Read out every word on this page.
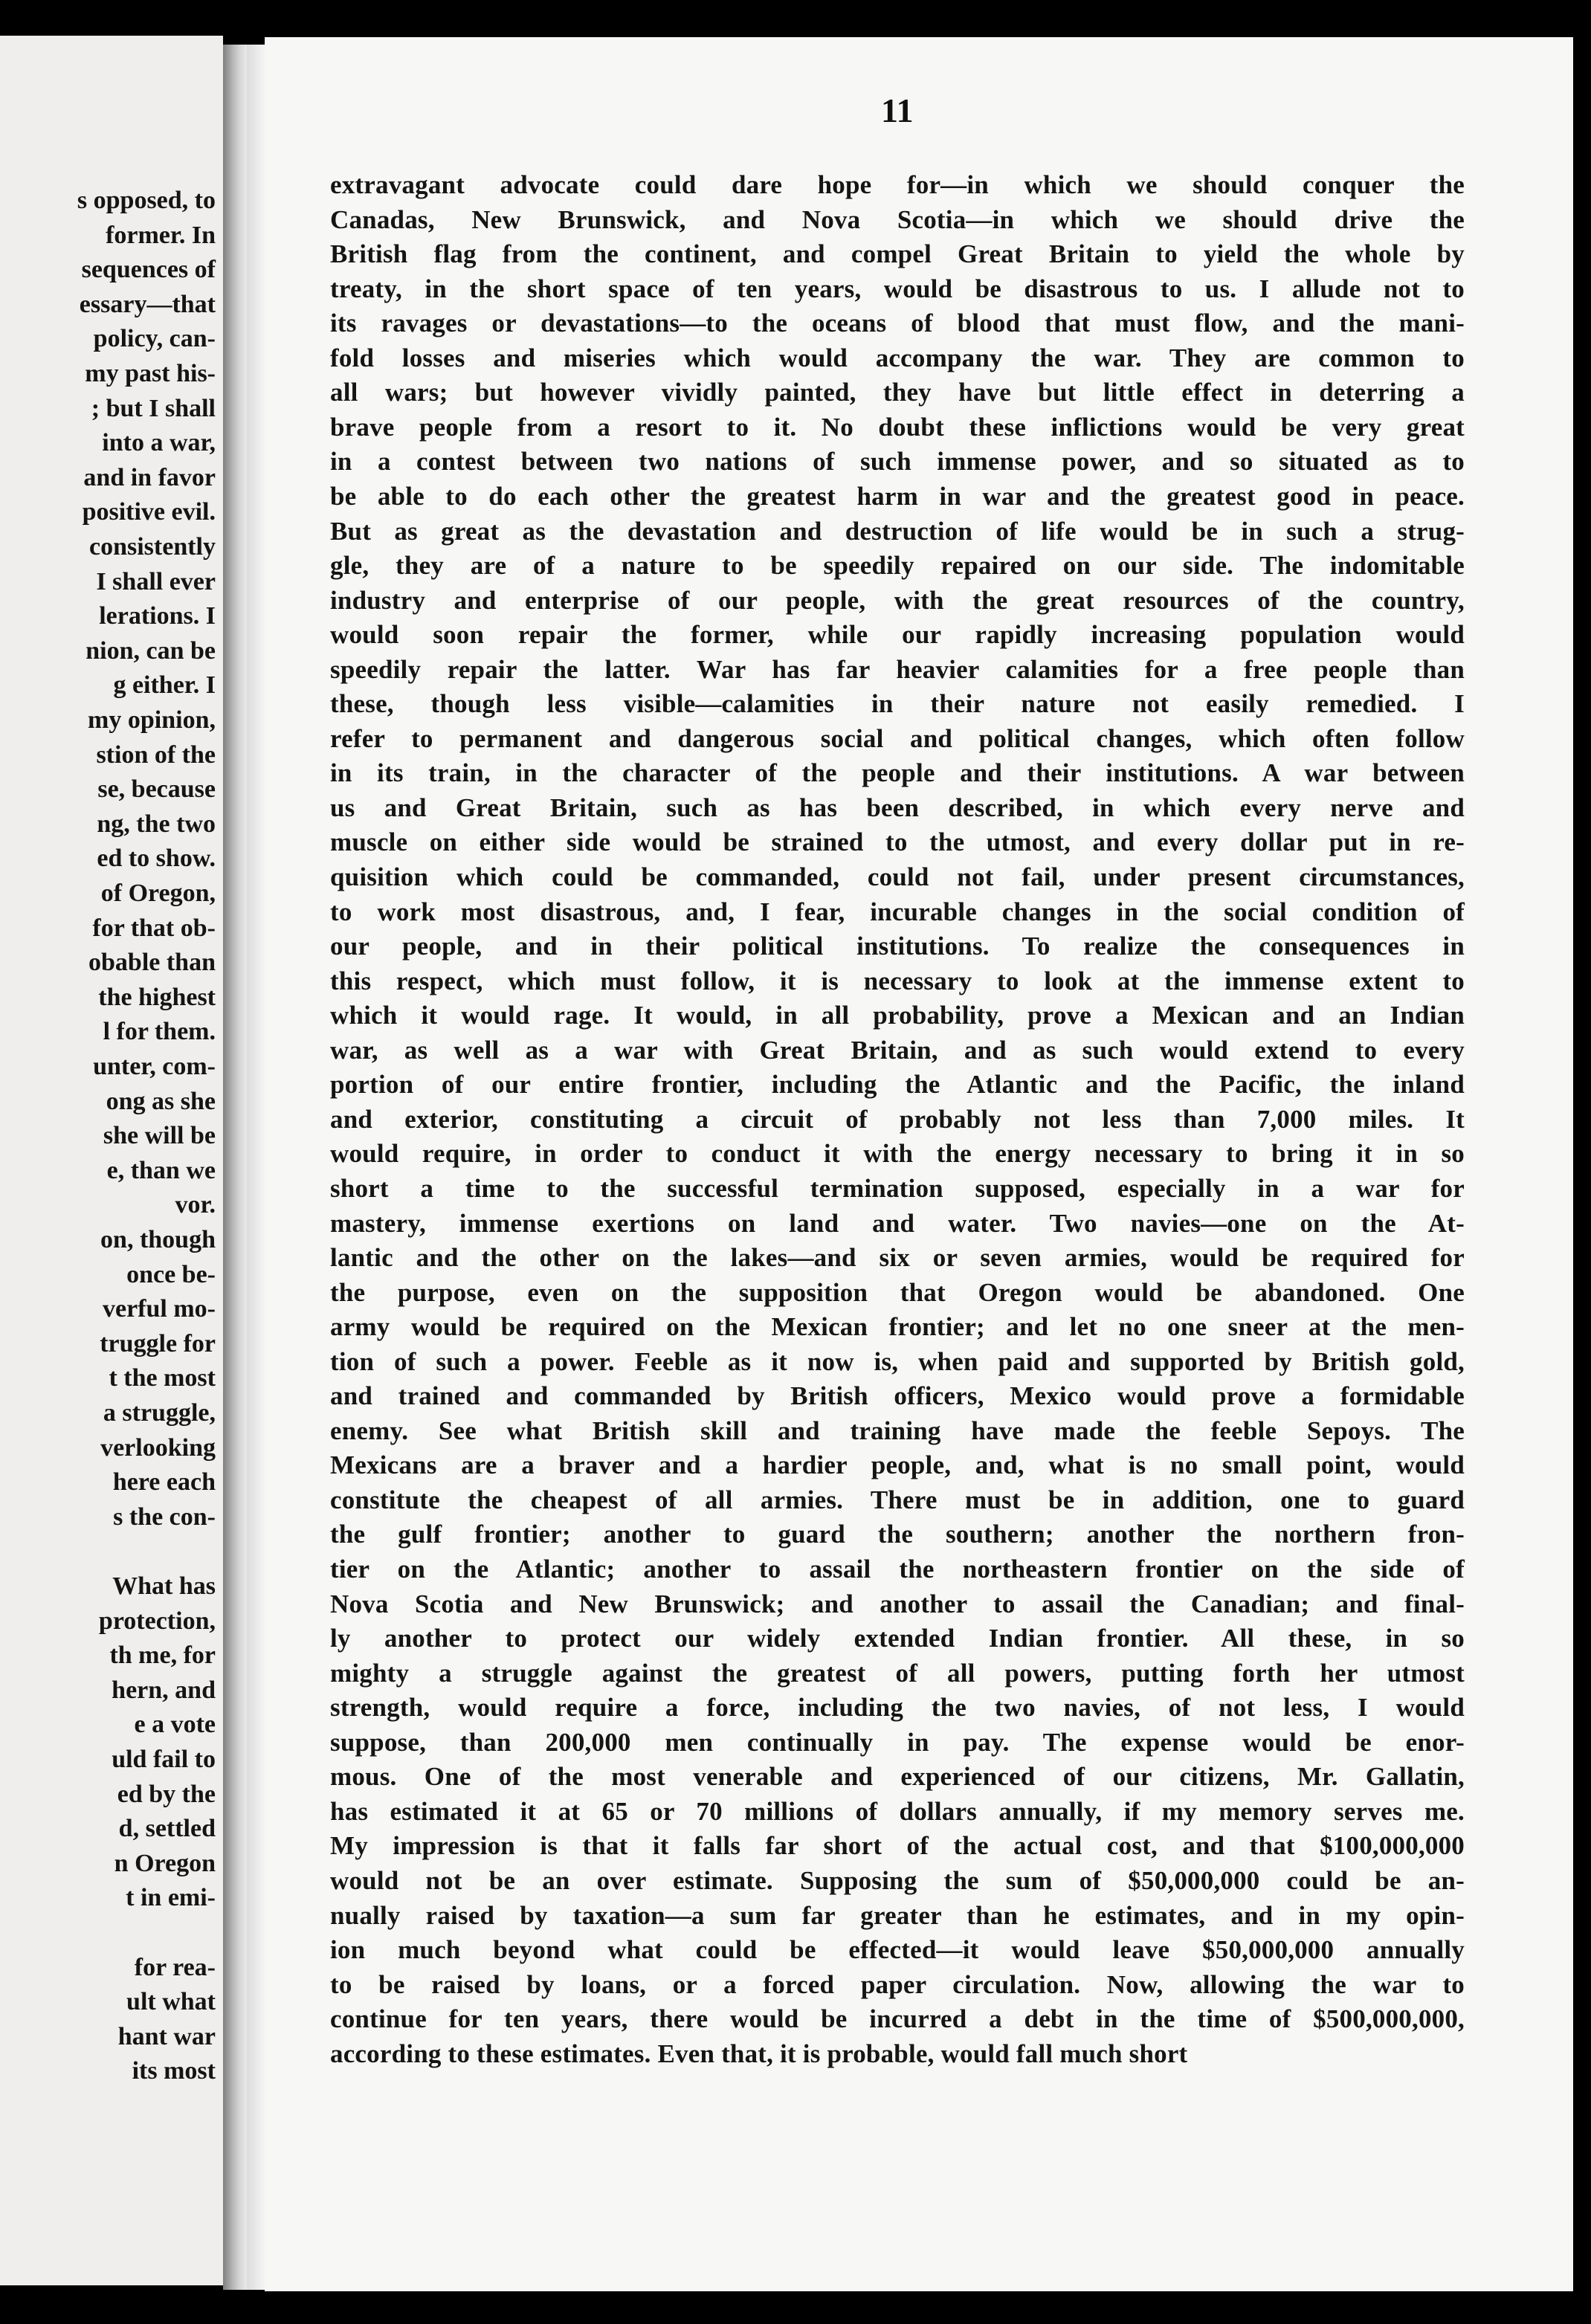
s opposed, to
former. In
sequences of
essary—that
policy, can-
my past his-
; but I shall
into a war,
and in favor
positive evil.
consistently
I shall ever
lerations. I
nion, can be
g either. I
my opinion,
stion of the
se, because
ng, the two
ed to show.
of Oregon,
for that ob-
obable than
the highest
l for them.
unter, com-
ong as she
she will be
e, than we
vor.
on, though
once be-
verful mo-
truggle for
t the most
a struggle,
verlooking
here each
s the con-
What has
protection,
th me, for
hern, and
e a vote
uld fail to
ed by the
d, settled
n Oregon
t in emi-
for rea-
ult what
hant war
its most
11
extravagant advocate could dare hope for—in which we should conquer the
Canadas, New Brunswick, and Nova Scotia—in which we should drive the
British flag from the continent, and compel Great Britain to yield the whole by
treaty, in the short space of ten years, would be disastrous to us. I allude not to
its ravages or devastations—to the oceans of blood that must flow, and the mani-
fold losses and miseries which would accompany the war. They are common to
all wars; but however vividly painted, they have but little effect in deterring a
brave people from a resort to it. No doubt these inflictions would be very great
in a contest between two nations of such immense power, and so situated as to
be able to do each other the greatest harm in war and the greatest good in peace.
But as great as the devastation and destruction of life would be in such a strug-
gle, they are of a nature to be speedily repaired on our side. The indomitable
industry and enterprise of our people, with the great resources of the country,
would soon repair the former, while our rapidly increasing population would
speedily repair the latter. War has far heavier calamities for a free people than
these, though less visible—calamities in their nature not easily remedied. I
refer to permanent and dangerous social and political changes, which often follow
in its train, in the character of the people and their institutions. A war between
us and Great Britain, such as has been described, in which every nerve and
muscle on either side would be strained to the utmost, and every dollar put in re-
quisition which could be commanded, could not fail, under present circumstances,
to work most disastrous, and, I fear, incurable changes in the social condition of
our people, and in their political institutions. To realize the consequences in
this respect, which must follow, it is necessary to look at the immense extent to
which it would rage. It would, in all probability, prove a Mexican and an Indian
war, as well as a war with Great Britain, and as such would extend to every
portion of our entire frontier, including the Atlantic and the Pacific, the inland
and exterior, constituting a circuit of probably not less than 7,000 miles. It
would require, in order to conduct it with the energy necessary to bring it in so
short a time to the successful termination supposed, especially in a war for
mastery, immense exertions on land and water. Two navies—one on the At-
lantic and the other on the lakes—and six or seven armies, would be required for
the purpose, even on the supposition that Oregon would be abandoned. One
army would be required on the Mexican frontier; and let no one sneer at the men-
tion of such a power. Feeble as it now is, when paid and supported by British gold,
and trained and commanded by British officers, Mexico would prove a formidable
enemy. See what British skill and training have made the feeble Sepoys. The
Mexicans are a braver and a hardier people, and, what is no small point, would
constitute the cheapest of all armies. There must be in addition, one to guard
the gulf frontier; another to guard the southern; another the northern fron-
tier on the Atlantic; another to assail the northeastern frontier on the side of
Nova Scotia and New Brunswick; and another to assail the Canadian; and final-
ly another to protect our widely extended Indian frontier. All these, in so
mighty a struggle against the greatest of all powers, putting forth her utmost
strength, would require a force, including the two navies, of not less, I would
suppose, than 200,000 men continually in pay. The expense would be enor-
mous. One of the most venerable and experienced of our citizens, Mr. Gallatin,
has estimated it at 65 or 70 millions of dollars annually, if my memory serves me.
My impression is that it falls far short of the actual cost, and that $100,000,000
would not be an over estimate. Supposing the sum of $50,000,000 could be an-
nually raised by taxation—a sum far greater than he estimates, and in my opin-
ion much beyond what could be effected—it would leave $50,000,000 annually
to be raised by loans, or a forced paper circulation. Now, allowing the war to
continue for ten years, there would be incurred a debt in the time of $500,000,000,
according to these estimates. Even that, it is probable, would fall much short
